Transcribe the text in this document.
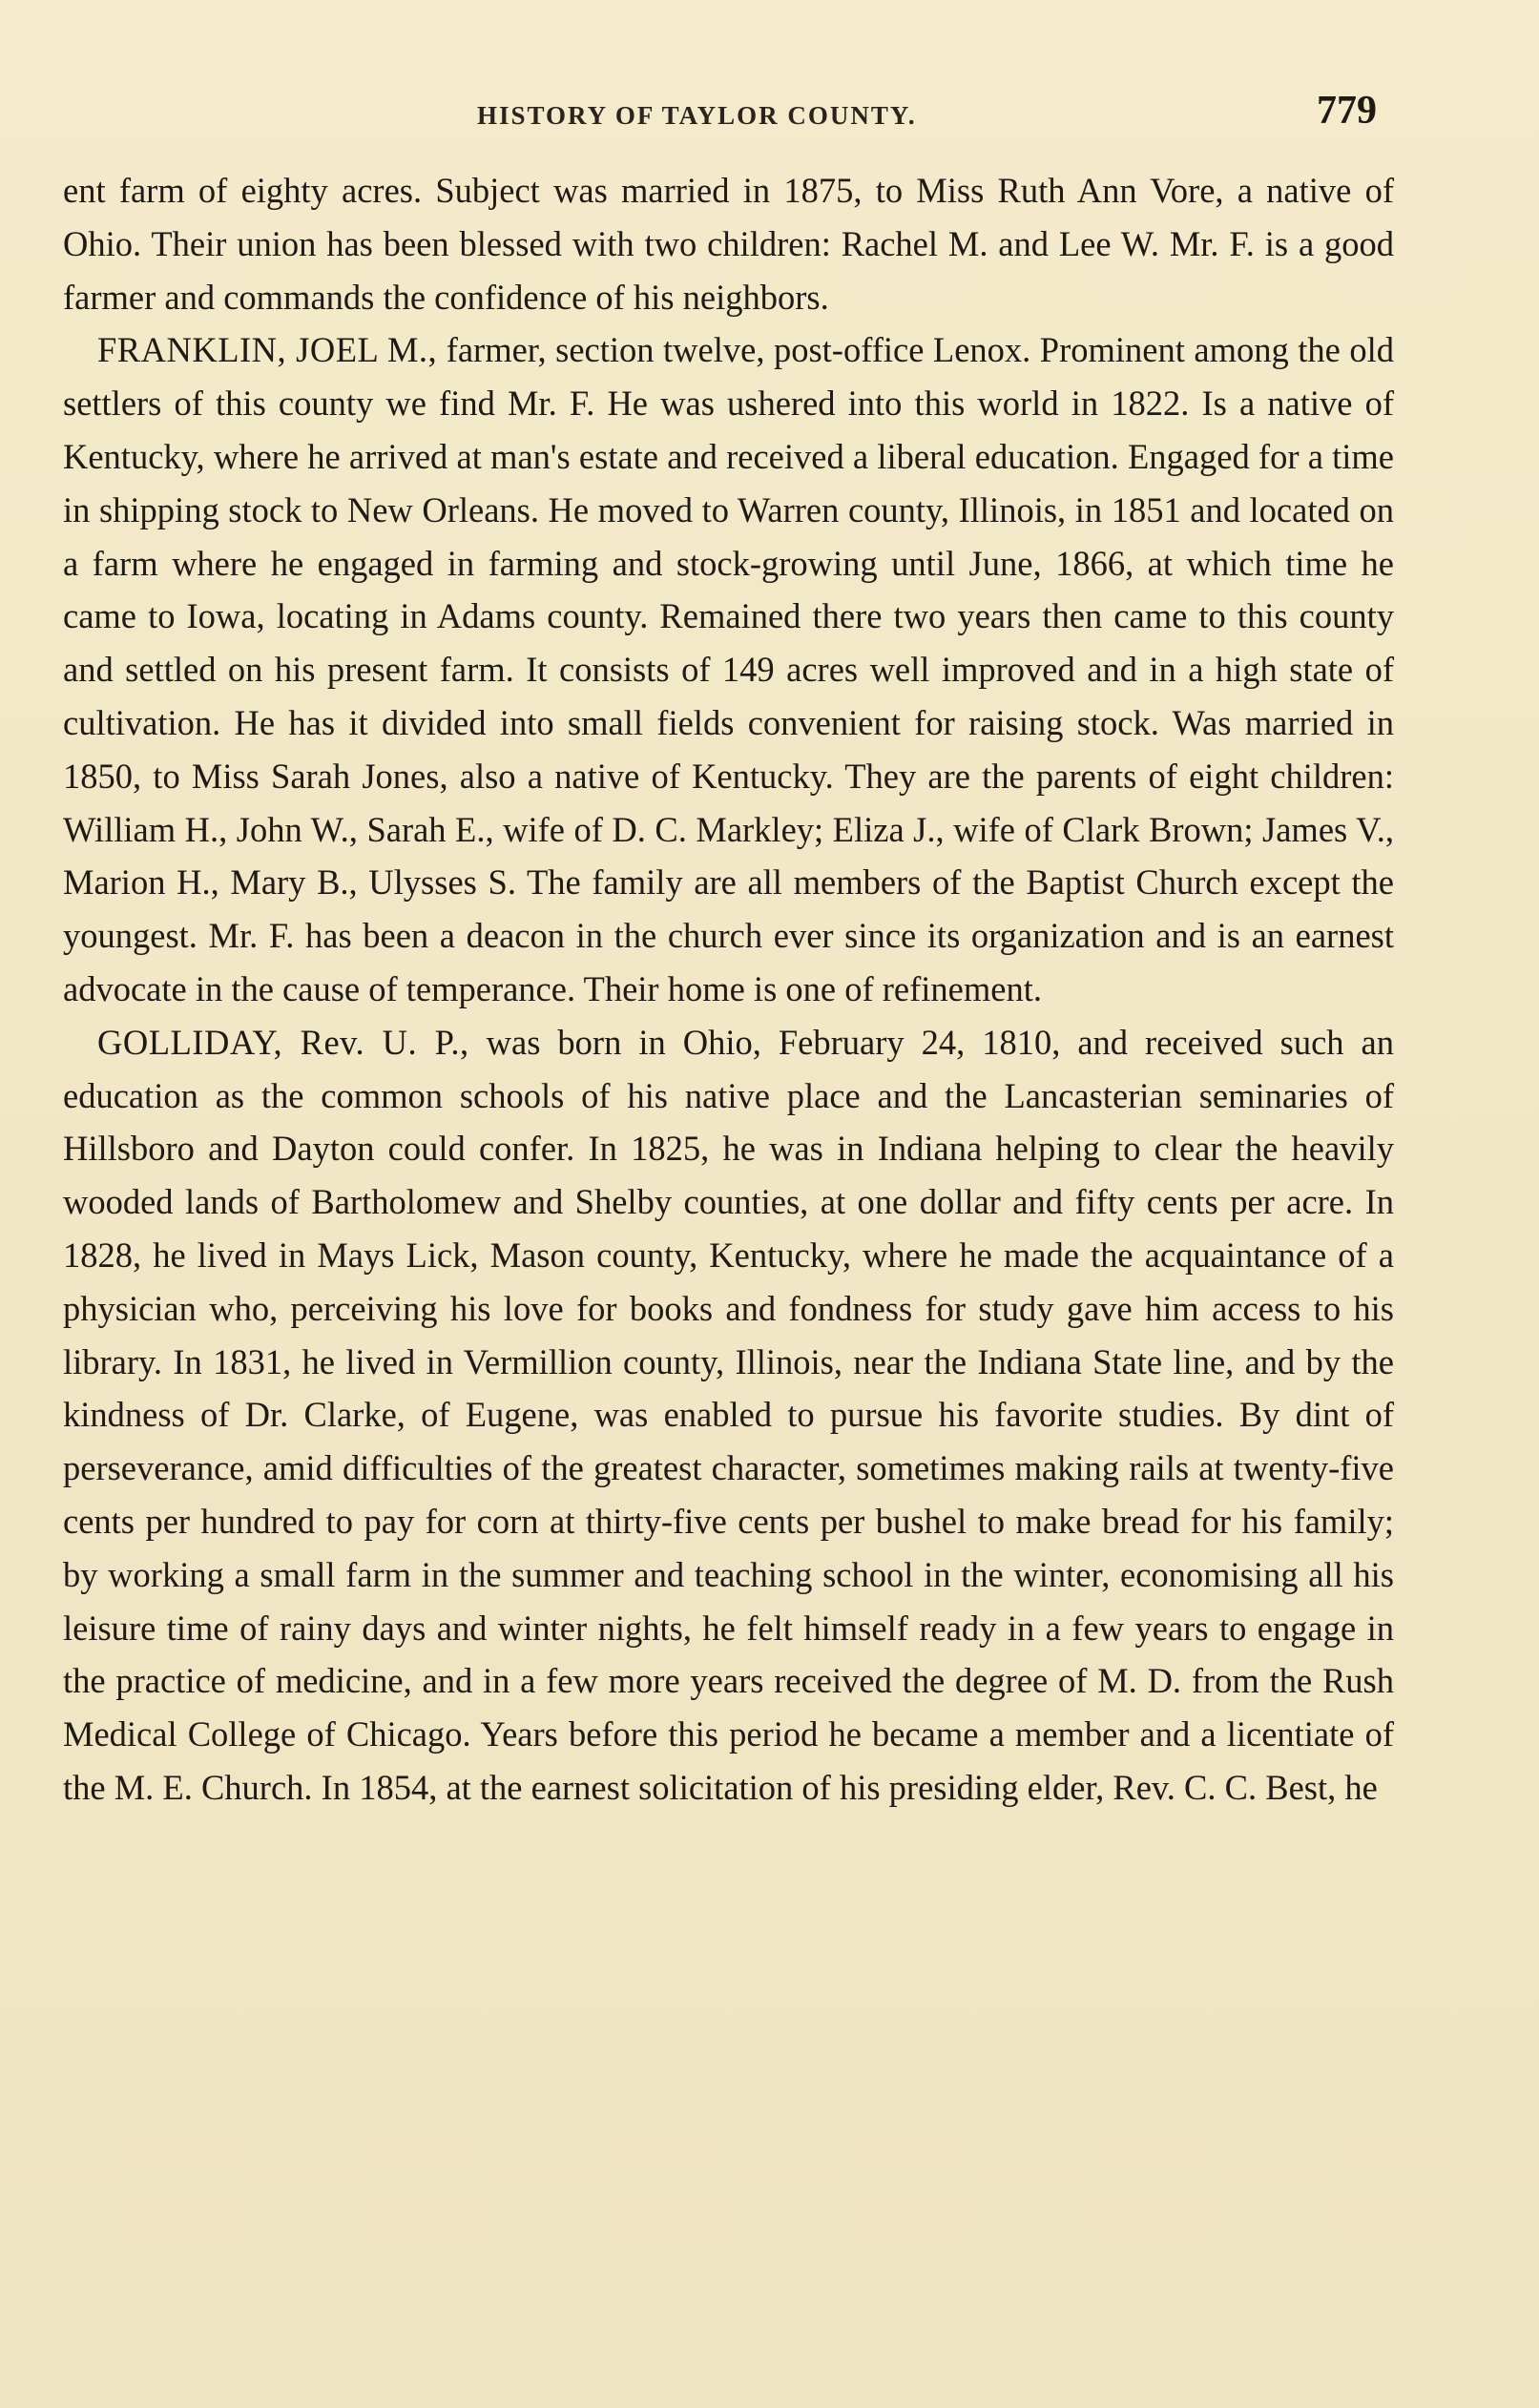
HISTORY OF TAYLOR COUNTY.	779

ent farm of eighty acres. Subject was married in 1875, to Miss Ruth Ann Vore, a native of Ohio. Their union has been blessed with two children: Rachel M. and Lee W. Mr. F. is a good farmer and commands the confidence of his neighbors.

FRANKLIN, JOEL M., farmer, section twelve, post-office Lenox. Prominent among the old settlers of this county we find Mr. F. He was ushered into this world in 1822. Is a native of Kentucky, where he arrived at man's estate and received a liberal education. Engaged for a time in shipping stock to New Orleans. He moved to Warren county, Illinois, in 1851 and located on a farm where he engaged in farming and stock-growing until June, 1866, at which time he came to Iowa, locating in Adams county. Remained there two years then came to this county and settled on his present farm. It consists of 149 acres well improved and in a high state of cultivation. He has it divided into small fields convenient for raising stock. Was married in 1850, to Miss Sarah Jones, also a native of Kentucky. They are the parents of eight children: William H., John W., Sarah E., wife of D. C. Markley; Eliza J., wife of Clark Brown; James V., Marion H., Mary B., Ulysses S. The family are all members of the Baptist Church except the youngest. Mr. F. has been a deacon in the church ever since its organization and is an earnest advocate in the cause of temperance. Their home is one of refinement.

GOLLIDAY, Rev. U. P., was born in Ohio, February 24, 1810, and received such an education as the common schools of his native place and the Lancasterian seminaries of Hillsboro and Dayton could confer. In 1825, he was in Indiana helping to clear the heavily wooded lands of Bartholomew and Shelby counties, at one dollar and fifty cents per acre. In 1828, he lived in Mays Lick, Mason county, Kentucky, where he made the acquaintance of a physician who, perceiving his love for books and fondness for study gave him access to his library. In 1831, he lived in Vermillion county, Illinois, near the Indiana State line, and by the kindness of Dr. Clarke, of Eugene, was enabled to pursue his favorite studies. By dint of perseverance, amid difficulties of the greatest character, sometimes making rails at twenty-five cents per hundred to pay for corn at thirty-five cents per bushel to make bread for his family; by working a small farm in the summer and teaching school in the winter, economising all his leisure time of rainy days and winter nights, he felt himself ready in a few years to engage in the practice of medicine, and in a few more years received the degree of M. D. from the Rush Medical College of Chicago. Years before this period he became a member and a licentiate of the M. E. Church. In 1854, at the earnest solicitation of his presiding elder, Rev. C. C. Best, he
